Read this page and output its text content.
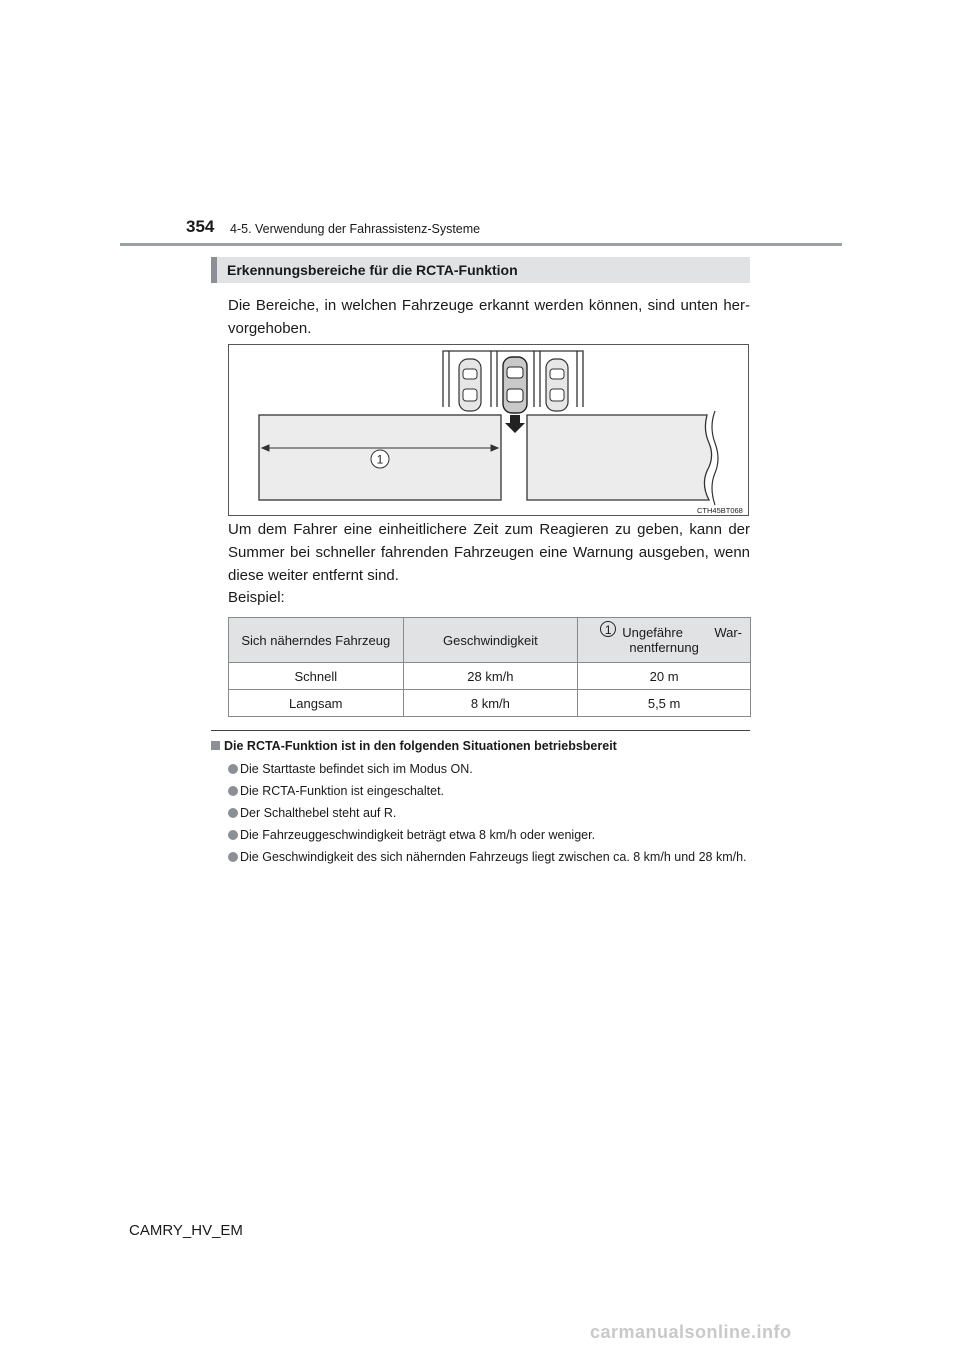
354 4-5. Verwendung der Fahrassistenz-Systeme
Erkennungsbereiche für die RCTA-Funktion
Die Bereiche, in welchen Fahrzeuge erkannt werden können, sind unten her-vorgehoben.
1
CTH45BT068
Um dem Fahrer eine einheitlichere Zeit zum Reagieren zu geben, kann der Summer bei schneller fahrenden Fahrzeugen eine Warnung ausgeben, wenn diese weiter entfernt sind.
Beispiel:
Sich näherndes Fahrzeug	Geschwindigkeit	1 Ungefähre War-
nentfernung

Schnell	28 km/h	20 m
Langsam	8 km/h	5,5 m
Die RCTA-Funktion ist in den folgenden Situationen betriebsbereit
Die Starttaste befindet sich im Modus ON.
Die RCTA-Funktion ist eingeschaltet.
Der Schalthebel steht auf R.
Die Fahrzeuggeschwindigkeit beträgt etwa 8 km/h oder weniger.
Die Geschwindigkeit des sich nähernden Fahrzeugs liegt zwischen ca. 8 km/h und 28 km/h.
CAMRY_HV_EM
carmanualsonline.info
